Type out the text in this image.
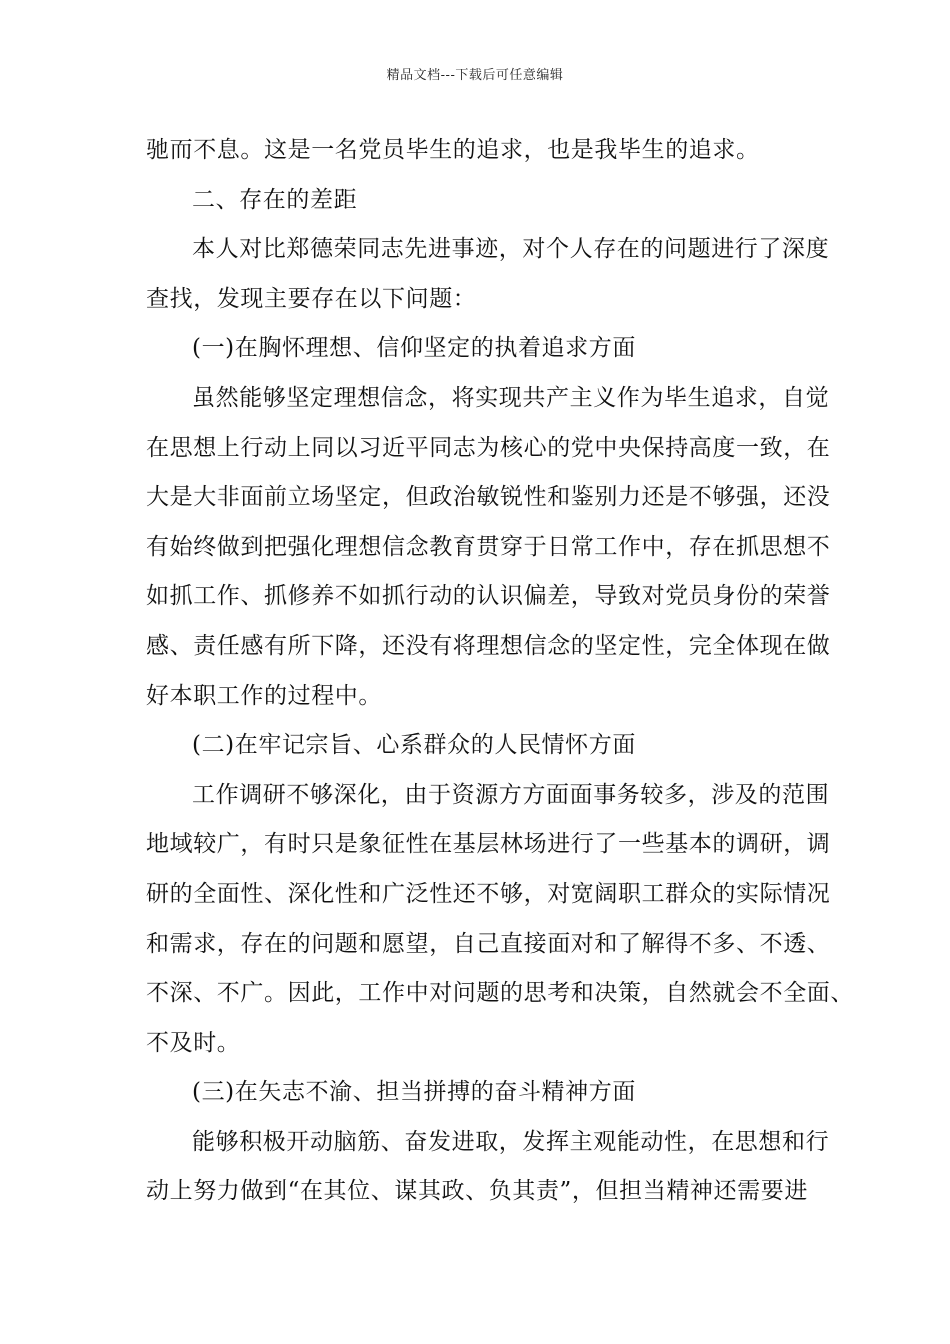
精品文档---下载后可任意编辑
驰而不息。这是一名党员毕生的追求，也是我毕生的追求。
二、存在的差距
本人对比郑德荣同志先进事迹，对个人存在的问题进行了深度
查找，发现主要存在以下问题：
(一)在胸怀理想、信仰坚定的执着追求方面
虽然能够坚定理想信念，将实现共产主义作为毕生追求，自觉
在思想上行动上同以习近平同志为核心的党中央保持高度一致，在
大是大非面前立场坚定，但政治敏锐性和鉴别力还是不够强，还没
有始终做到把强化理想信念教育贯穿于日常工作中，存在抓思想不
如抓工作、抓修养不如抓行动的认识偏差，导致对党员身份的荣誉
感、责任感有所下降，还没有将理想信念的坚定性，完全体现在做
好本职工作的过程中。
(二)在牢记宗旨、心系群众的人民情怀方面
工作调研不够深化，由于资源方方面面事务较多，涉及的范围
地域较广，有时只是象征性在基层林场进行了一些基本的调研，调
研的全面性、深化性和广泛性还不够，对宽阔职工群众的实际情况
和需求，存在的问题和愿望，自己直接面对和了解得不多、不透、
不深、不广。因此，工作中对问题的思考和决策，自然就会不全面、
不及时。
(三)在矢志不渝、担当拼搏的奋斗精神方面
能够积极开动脑筋、奋发进取，发挥主观能动性，在思想和行
动上努力做到“在其位、谋其政、负其责”，但担当精神还需要进
